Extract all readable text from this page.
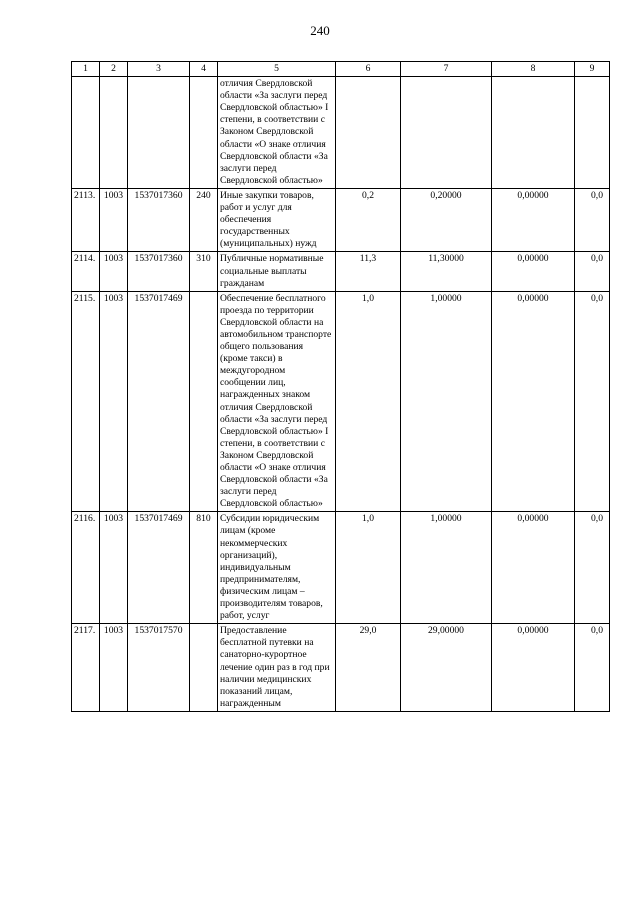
240
1	2	3	4	5	6	7	8	9
				отличия Свердловской области «За заслуги перед Свердловской областью» I степени, в соответствии с Законом Свердловской области «О знаке отличия Свердловской области «За заслуги перед Свердловской областью»				
2113.	1003	1537017360	240	Иные закупки товаров, работ и услуг для обеспечения государственных (муниципальных) нужд	0,2	0,20000	0,00000	0,0
2114.	1003	1537017360	310	Публичные нормативные социальные выплаты гражданам	11,3	11,30000	0,00000	0,0
2115.	1003	1537017469		Обеспечение бесплатного проезда по территории Свердловской области на автомобильном транспорте общего пользования (кроме такси) в междугородном сообщении лиц, награжденных знаком отличия Свердловской области «За заслуги перед Свердловской областью» I степени, в соответствии с Законом Свердловской области «О знаке отличия Свердловской области «За заслуги перед Свердловской областью»	1,0	1,00000	0,00000	0,0
2116.	1003	1537017469	810	Субсидии юридическим лицам (кроме некоммерческих организаций), индивидуальным предпринимателям, физическим лицам – производителям товаров, работ, услуг	1,0	1,00000	0,00000	0,0
2117.	1003	1537017570		Предоставление бесплатной путевки на санаторно-курортное лечение один раз в год при наличии медицинских показаний лицам, награжденным	29,0	29,00000	0,00000	0,0
